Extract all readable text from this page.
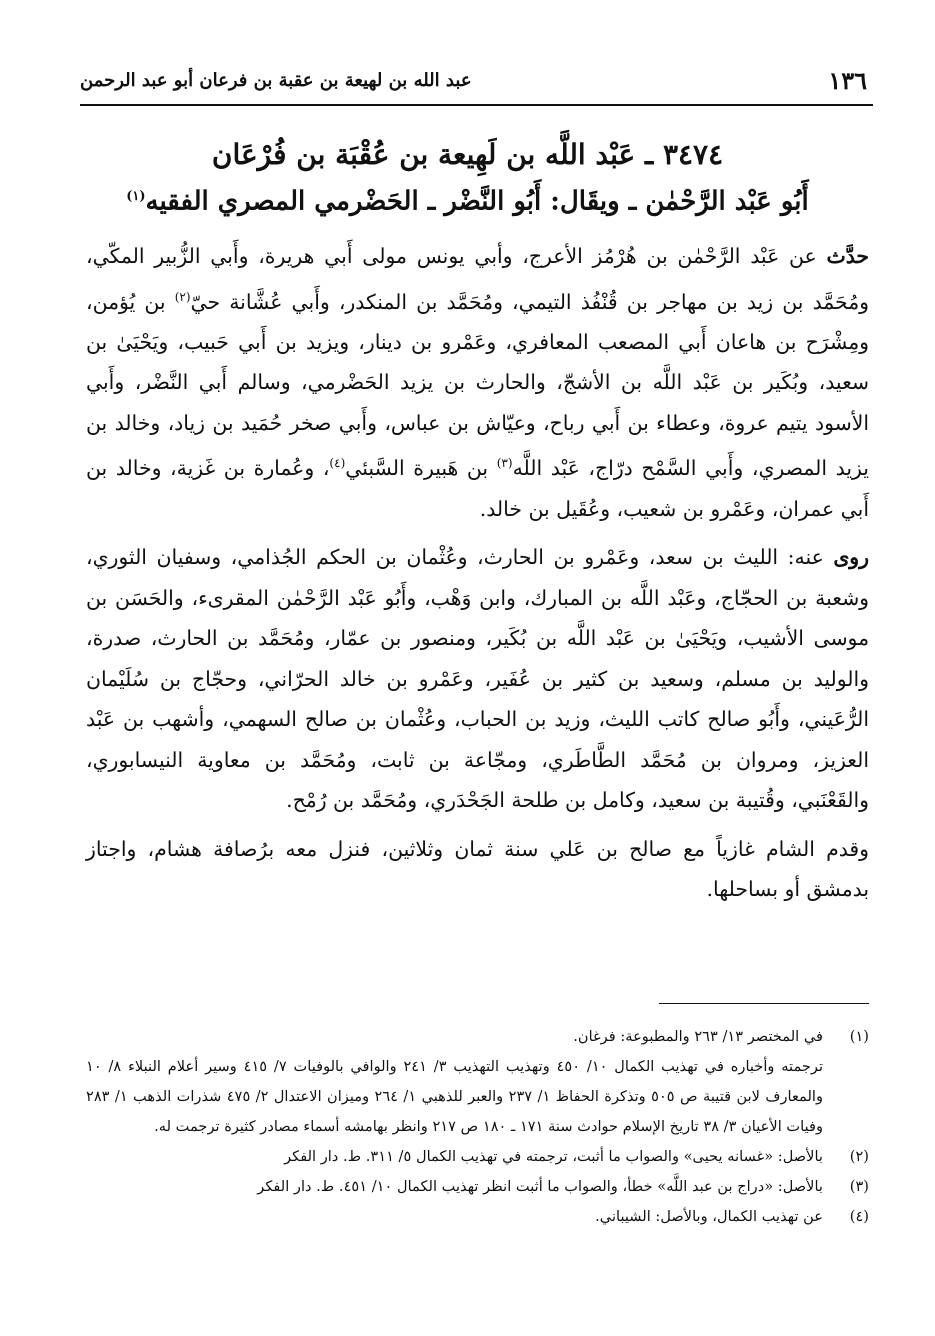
١٣٦
عبد الله بن لهيعة بن عقبة بن فرعان أبو عبد الرحمن
٣٤٧٤ ـ عَبْد اللَّه بن لَهِيعة بن عُقْبَة بن فُرْعَان
أَبُو عَبْد الرَّحْمٰن ـ ويقَال: أَبُو النَّضْر ـ الحَضْرمي المصري الفقيه$^{(١)}$

حدَّث عن عَبْد الرَّحْمٰن بن هُرْمُز الأعرج، وأبي يونس مولى أَبي هريرة، وأَبي الزُّبير المكّي، ومُحَمَّد بن زيد بن مهاجر بن قُنْفُذ التيمي، ومُحَمَّد بن المنكدر، وأَبي عُشَّانة حيّ$^{(٢)}$ بن يُؤمن، ومِشْرَح بن هاعان أَبي المصعب المعافري، وعَمْرو بن دينار، ويزيد بن أَبي حَبيب، ويَحْيَىٰ بن سعيد، وبُكَير بن عَبْد اللَّه بن الأشجّ، والحارث بن يزيد الحَضْرمي، وسالم أَبي النَّضْر، وأَبي الأسود يتيم عروة، وعطاء بن أَبي رباح، وعيّاش بن عباس، وأَبي صخر حُمَيد بن زياد، وخالد بن يزيد المصري، وأَبي السَّمْح درّاج، عَبْد اللَّه$^{(٣)}$ بن هَبيرة السَّبئي$^{(٤)}$، وعُمارة بن غَزية، وخالد بن أَبي عمران، وعَمْرو بن شعيب، وعُقَيل بن خالد.

روى عنه: الليث بن سعد، وعَمْرو بن الحارث، وعُثْمان بن الحكم الجُذامي، وسفيان الثوري، وشعبة بن الحجّاج، وعَبْد اللَّه بن المبارك، وابن وَهْب، وأَبُو عَبْد الرَّحْمٰن المقرىء، والحَسَن بن موسى الأشيب، ويَحْيَىٰ بن عَبْد اللَّه بن بُكَير، ومنصور بن عمّار، ومُحَمَّد بن الحارث، صدرة، والوليد بن مسلم، وسعيد بن كثير بن عُفَير، وعَمْرو بن خالد الحرّاني، وحجّاج بن سُلَيْمان الرُّعَيني، وأَبُو صالح كاتب الليث، وزيد بن الحباب، وعُثْمان بن صالح السهمي، وأشهب بن عَبْد العزيز، ومروان بن مُحَمَّد الطَّاطَري، ومجّاعة بن ثابت، ومُحَمَّد بن معاوية النيسابوري، والقَعْنَبي، وقُتيبة بن سعيد، وكامل بن طلحة الجَحْدَري، ومُحَمَّد بن رُمْح.

وقدم الشام غازياً مع صالح بن عَلي سنة ثمان وثلاثين، فنزل معه برُصافة هشام، واجتاز بدمشق أو بساحلها.

(١)

في المختصر ١٣/ ٢٦٣ والمطبوعة: فرغان.

ترجمته وأخباره في تهذيب الكمال ١٠/ ٤٥٠ وتهذيب التهذيب ٣/ ٢٤١ والوافي بالوفيات ٧/ ٤١٥ وسير أعلام النبلاء ٨/ ١٠ والمعارف لابن قتيبة ص ٥٠٥ وتذكرة الحفاظ ١/ ٢٣٧ والعبر للذهبي ١/ ٢٦٤ وميزان الاعتدال ٢/ ٤٧٥ شذرات الذهب ١/ ٢٨٣ وفيات الأعيان ٣/ ٣٨ تاريخ الإسلام حوادث سنة ١٧١ ـ ١٨٠ ص ٢١٧ وانظر بهامشه أسماء مصادر كثيرة ترجمت له.

(٢)

بالأصل: «غسانه يحيى» والصواب ما أثبت، ترجمته في تهذيب الكمال ٥/ ٣١١. ط. دار الفكر

(٣)

بالأصل: «دراج بن عبد اللَّه» خطأ، والصواب ما أثبت انظر تهذيب الكمال ١٠/ ٤٥١. ط. دار الفكر

(٤)

عن تهذيب الكمال، وبالأصل: الشيباني.
